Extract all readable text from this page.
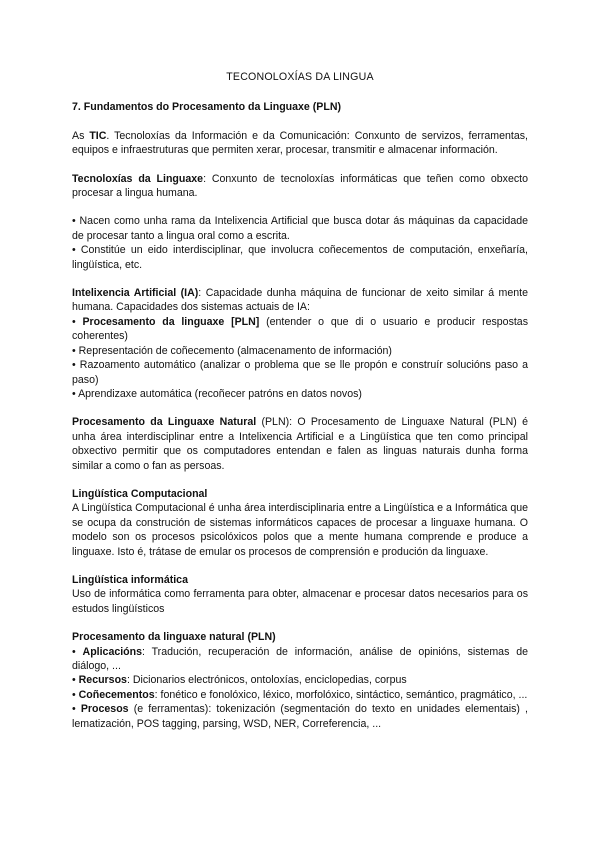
TECONOLOXÍAS DA LINGUA
7. Fundamentos do Procesamento da Linguaxe (PLN)

As TIC. Tecnoloxías da Información e da Comunicación: Conxunto de servizos, ferramentas, equipos e infraestruturas que permiten xerar, procesar, transmitir e almacenar información.

Tecnoloxías da Linguaxe: Conxunto de tecnoloxías informáticas que teñen como obxecto procesar a lingua humana.

• Nacen como unha rama da Intelixencia Artificial que busca dotar ás máquinas da capacidade de procesar tanto a lingua oral como a escrita.

• Constitúe un eido interdisciplinar, que involucra coñecementos de computación, enxeñaría, lingüística, etc.

Intelixencia Artificial (IA): Capacidade dunha máquina de funcionar de xeito similar á mente humana. Capacidades dos sistemas actuais de IA:

• Procesamento da linguaxe [PLN] (entender o que di o usuario e producir respostas coherentes)

• Representación de coñecemento (almacenamento de información)

• Razoamento automático (analizar o problema que se lle propón e construír solucións paso a paso)

• Aprendizaxe automática (recoñecer patróns en datos novos)

Procesamento da Linguaxe Natural (PLN): O Procesamento de Linguaxe Natural (PLN) é unha área interdisciplinar entre a Intelixencia Artificial e a Lingüística que ten como principal obxectivo permitir que os computadores entendan e falen as linguas naturais dunha forma similar a como o fan as persoas.

Lingüística Computacional

A Lingüística Computacional é unha área interdisciplinaria entre a Lingüística e a Informática que se ocupa da construción de sistemas informáticos capaces de procesar a linguaxe humana. O modelo son os procesos psicolóxicos polos que a mente humana comprende e produce a linguaxe. Isto é, trátase de emular os procesos de comprensión e produción da linguaxe.

Lingüística informática

Uso de informática como ferramenta para obter, almacenar e procesar datos necesarios para os estudos lingüísticos

Procesamento da linguaxe natural (PLN)

• Aplicacións: Tradución, recuperación de información, análise de opinións, sistemas de diálogo, ...

• Recursos: Dicionarios electrónicos, ontoloxías, enciclopedias, corpus

• Coñecementos: fonético e fonolóxico, léxico, morfolóxico, sintáctico, semántico, pragmático, ...

• Procesos (e ferramentas): tokenización (segmentación do texto en unidades elementais) , lematización, POS tagging, parsing, WSD, NER, Correferencia, ...
